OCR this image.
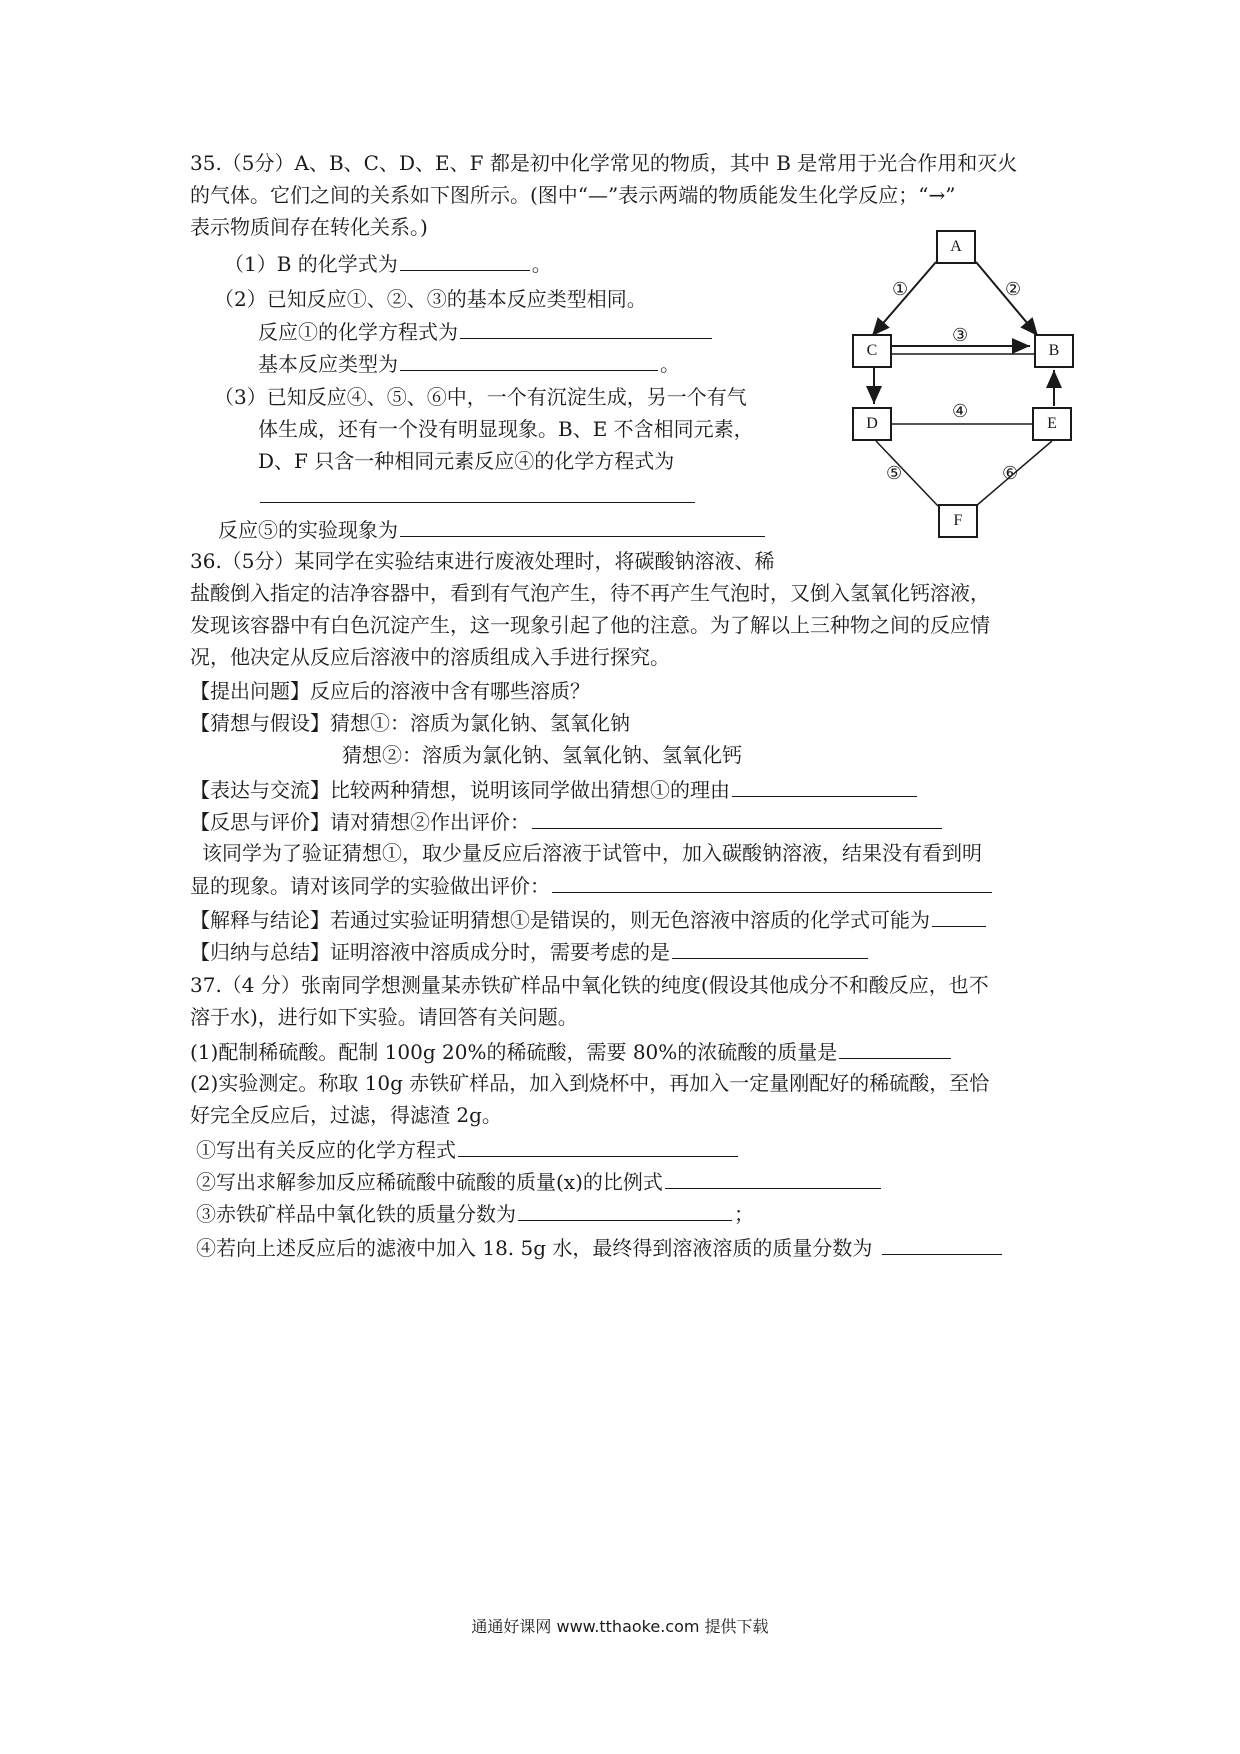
35.（5分）A、B、C、D、E、F 都是初中化学常见的物质，其中 B 是常用于光合作用和灭火
的气体。它们之间的关系如下图所示。(图中“—”表示两端的物质能发生化学反应；“→”
表示物质间存在转化关系。)
（1）B 的化学式为	。
（2）已知反应①、②、③的基本反应类型相同。
反应①的化学方程式为
基本反应类型为	。
（3）已知反应④、⑤、⑥中，一个有沉淀生成，另一个有气
体生成，还有一个没有明显现象。B、E 不含相同元素，
D、F 只含一种相同元素反应④的化学方程式为
反应⑤的实验现象为
A
C	B
D	E
F
①	②
③
④
⑤	⑥
36.（5分）某同学在实验结束进行废液处理时，将碳酸钠溶液、稀
盐酸倒入指定的洁净容器中，看到有气泡产生，待不再产生气泡时，又倒入氢氧化钙溶液，
发现该容器中有白色沉淀产生，这一现象引起了他的注意。为了解以上三种物之间的反应情
况，他决定从反应后溶液中的溶质组成入手进行探究。
【提出问题】反应后的溶液中含有哪些溶质？
【猜想与假设】猜想①：溶质为氯化钠、氢氧化钠
猜想②：溶质为氯化钠、氢氧化钠、氢氧化钙
【表达与交流】比较两种猜想，说明该同学做出猜想①的理由
【反思与评价】请对猜想②作出评价：
该同学为了验证猜想①，取少量反应后溶液于试管中，加入碳酸钠溶液，结果没有看到明
显的现象。请对该同学的实验做出评价：
【解释与结论】若通过实验证明猜想①是错误的，则无色溶液中溶质的化学式可能为
【归纳与总结】证明溶液中溶质成分时，需要考虑的是
37.（4 分）张南同学想测量某赤铁矿样品中氧化铁的纯度(假设其他成分不和酸反应，也不
溶于水)，进行如下实验。请回答有关问题。
(1)配制稀硫酸。配制 100g 20%的稀硫酸，需要 80%的浓硫酸的质量是
(2)实验测定。称取 10g 赤铁矿样品，加入到烧杯中，再加入一定量刚配好的稀硫酸，至恰
好完全反应后，过滤，得滤渣 2g。
①写出有关反应的化学方程式
②写出求解参加反应稀硫酸中硫酸的质量(x)的比例式
③赤铁矿样品中氧化铁的质量分数为	；
④若向上述反应后的滤液中加入 18. 5g 水，最终得到溶液溶质的质量分数为
通通好课网 www.tthaoke.com 提供下载
